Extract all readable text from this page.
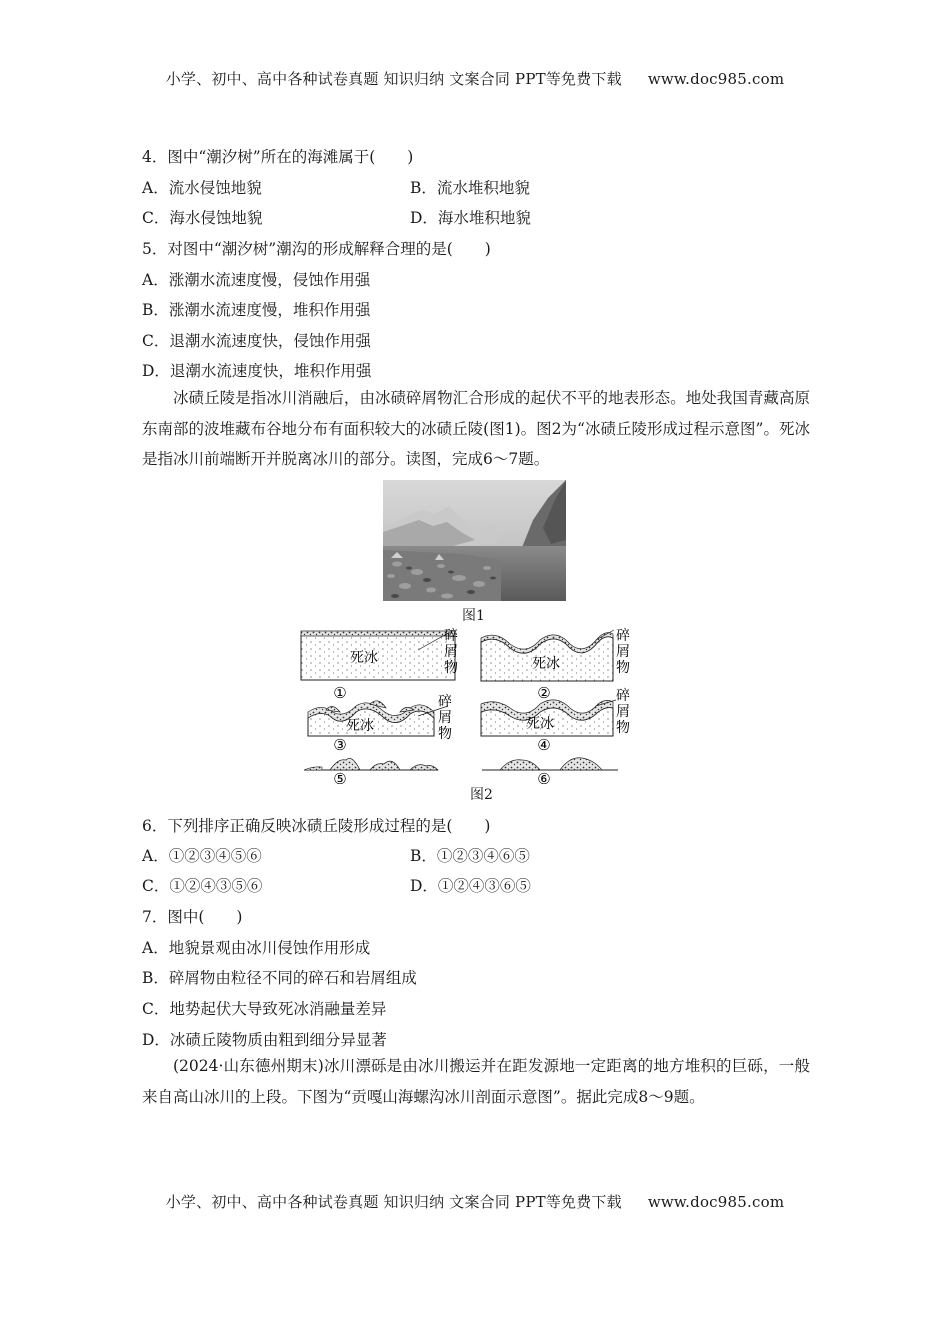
小学、初中、高中各种试卷真题 知识归纳 文案合同 PPT等免费下载 www.doc985.com
4．图中“潮汐树”所在的海滩属于( )
A．流水侵蚀地貌	B．流水堆积地貌
C．海水侵蚀地貌	D．海水堆积地貌
5．对图中“潮汐树”潮沟的形成解释合理的是( )
A．涨潮水流速度慢，侵蚀作用强
B．涨潮水流速度慢，堆积作用强
C．退潮水流速度快，侵蚀作用强
D．退潮水流速度快，堆积作用强
冰碛丘陵是指冰川消融后，由冰碛碎屑物汇合形成的起伏不平的地表形态。地处我国青藏高原东南部的波堆藏布谷地分布有面积较大的冰碛丘陵(图1)。图2为“冰碛丘陵形成过程示意图”。死冰是指冰川前端断开并脱离冰川的部分。读图，完成6～7题。
图1
死冰	死冰
死冰	死冰
碎
屑
物
碎
屑
物
碎
屑
物
碎
屑
物
①	②
③	④
⑤	⑥
图2
6．下列排序正确反映冰碛丘陵形成过程的是( )
A．①②③④⑤⑥	B．①②③④⑥⑤
C．①②④③⑤⑥	D．①②④③⑥⑤
7．图中( )
A．地貌景观由冰川侵蚀作用形成
B．碎屑物由粒径不同的碎石和岩屑组成
C．地势起伏大导致死冰消融量差异
D．冰碛丘陵物质由粗到细分异显著
(2024·山东德州期末)冰川漂砾是由冰川搬运并在距发源地一定距离的地方堆积的巨砾，一般来自高山冰川的上段。下图为“贡嘎山海螺沟冰川剖面示意图”。据此完成8～9题。
小学、初中、高中各种试卷真题 知识归纳 文案合同 PPT等免费下载 www.doc985.com
